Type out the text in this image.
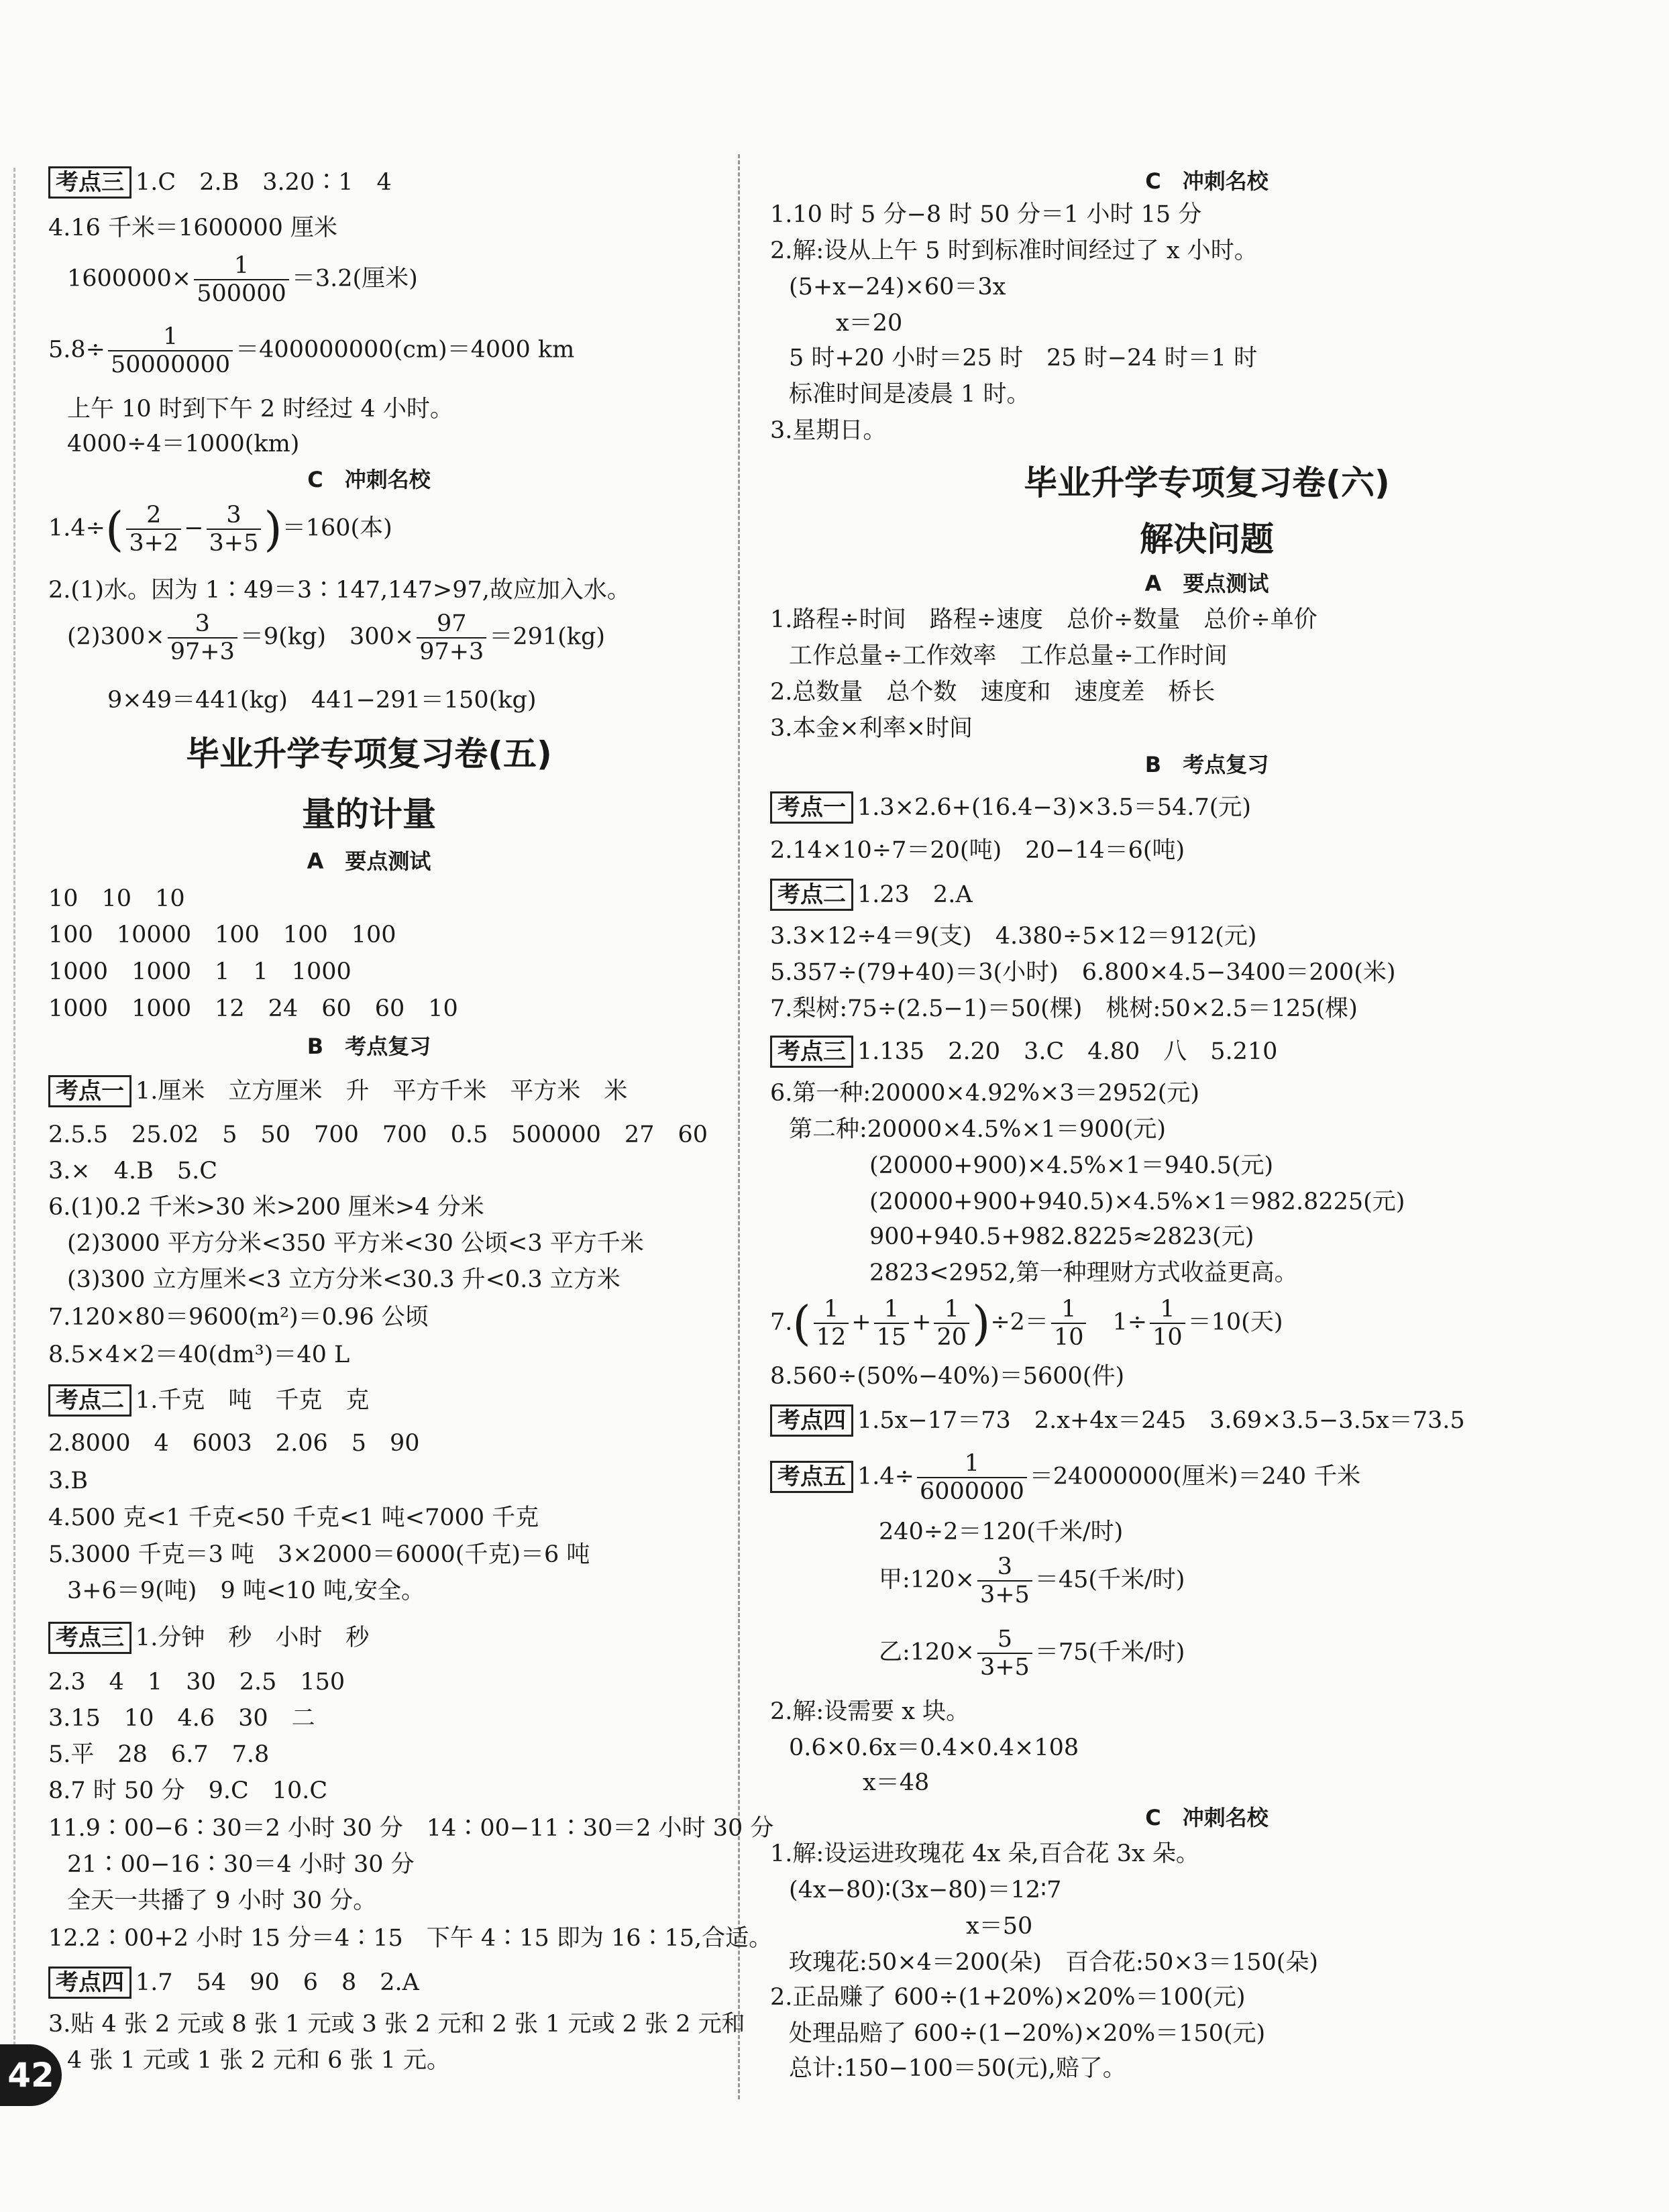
考点三 1.C　2.B　3.20∶1　4
4.16 千米＝1600000 厘米
$1600000\times \frac{1}{500000} =3.2$(厘米)
$5.8\div \frac{1}{50000000} =400000000(cm)=4000$ km
上午 10 时到下午 2 时经过 4 小时。
4000÷4＝1000(km)
C　冲刺名校
$1.4\div( \frac{2}{3+2} - \frac{3}{3+5} )=160$(本)
2.(1)水。因为 1∶49＝3∶147,147>97,故应加入水。
$(2)300\times \frac{3}{97+3} =9(kg)$　$300\times \frac{97}{97+3} =291(kg)$
9×49＝441(kg)　441−291＝150(kg)
毕业升学专项复习卷(五)
量的计量
A　要点测试
10　10　10
100　10000　100　100　100
1000　1000　1　1　1000
1000　1000　12　24　60　60　10
B　考点复习
考点一 1.厘米　立方厘米　升　平方千米　平方米　米
2.5.5　25.02　5　50　700　700　0.5　500000　27　60
3.×　4.B　5.C
6.(1)0.2 千米>30 米>200 厘米>4 分米
(2)3000 平方分米<350 平方米<30 公顷<3 平方千米
(3)300 立方厘米<3 立方分米<30.3 升<0.3 立方米
7.120×80＝9600(m²)＝0.96 公顷
8.5×4×2＝40(dm³)＝40 L
考点二 1.千克　吨　千克　克
2.8000　4　6003　2.06　5　90
3.B
4.500 克<1 千克<50 千克<1 吨<7000 千克
5.3000 千克＝3 吨　3×2000＝6000(千克)＝6 吨
3+6＝9(吨)　9 吨<10 吨,安全。
考点三 1.分钟　秒　小时　秒
2.3　4　1　30　2.5　150
3.15　10　4.6　30　二
5.平　28　6.7　7.8
8.7 时 50 分　9.C　10.C
11.9∶00−6∶30＝2 小时 30 分　14∶00−11∶30＝2 小时 30 分
21∶00−16∶30＝4 小时 30 分
全天一共播了 9 小时 30 分。
12.2∶00+2 小时 15 分＝4∶15　下午 4∶15 即为 16∶15,合适。
考点四 1.7　54　90　6　8　2.A
3.贴 4 张 2 元或 8 张 1 元或 3 张 2 元和 2 张 1 元或 2 张 2 元和
4 张 1 元或 1 张 2 元和 6 张 1 元。
C　冲刺名校
1.10 时 5 分−8 时 50 分＝1 小时 15 分
2.解:设从上午 5 时到标准时间经过了 x 小时。
(5+x−24)×60＝3x
x＝20
5 时+20 小时＝25 时　25 时−24 时＝1 时
标准时间是凌晨 1 时。
3.星期日。
毕业升学专项复习卷(六)
解决问题
A　要点测试
1.路程÷时间　路程÷速度　总价÷数量　总价÷单价
工作总量÷工作效率　工作总量÷工作时间
2.总数量　总个数　速度和　速度差　桥长
3.本金×利率×时间
B　考点复习
考点一 1.3×2.6+(16.4−3)×3.5＝54.7(元)
2.14×10÷7＝20(吨)　20−14＝6(吨)
考点二 1.23　2.A
3.3×12÷4＝9(支)　4.380÷5×12＝912(元)
5.357÷(79+40)＝3(小时)　6.800×4.5−3400＝200(米)
7.梨树:75÷(2.5−1)＝50(棵)　桃树:50×2.5＝125(棵)
考点三 1.135　2.20　3.C　4.80　八　5.210
6.第一种:20000×4.92%×3＝2952(元)
第二种:20000×4.5%×1＝900(元)
(20000+900)×4.5%×1＝940.5(元)
(20000+900+940.5)×4.5%×1＝982.8225(元)
900+940.5+982.8225≈2823(元)
2823<2952,第一种理财方式收益更高。
$7.( \frac{1}{12} + \frac{1}{15} + \frac{1}{20} )\div 2= \frac{1}{10}$ 　$1\div \frac{1}{10} =10$(天)
8.560÷(50%−40%)＝5600(件)
考点四 1.5x−17＝73　2.x+4x＝245　3.69×3.5−3.5x＝73.5
考点五 $1.4\div \frac{1}{6000000} =24000000$(厘米)＝240 千米
240÷2＝120(千米/时)
甲:120× $\frac{3}{3+5} =45$(千米/时)
乙:120× $\frac{5}{3+5} =75$(千米/时)
2.解:设需要 x 块。
0.6×0.6x＝0.4×0.4×108
x＝48
C　冲刺名校
1.解:设运进玫瑰花 4x 朵,百合花 3x 朵。
(4x−80)∶(3x−80)＝12∶7
x＝50
玫瑰花:50×4＝200(朵)　百合花:50×3＝150(朵)
2.正品赚了 600÷(1+20%)×20%＝100(元)
处理品赔了 600÷(1−20%)×20%＝150(元)
总计:150−100＝50(元),赔了。
42
